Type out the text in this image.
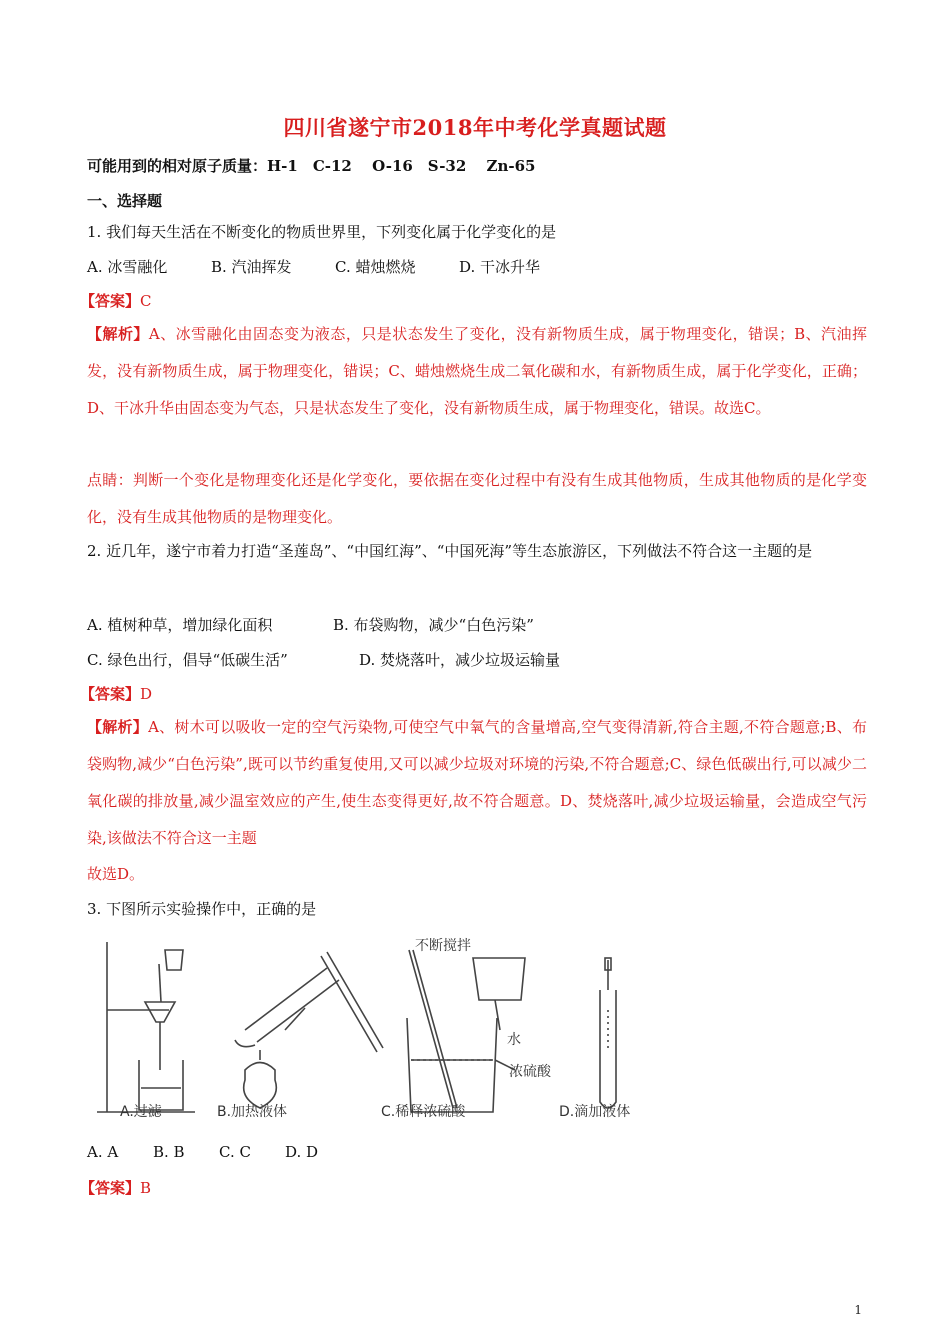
四川省遂宁市2018年中考化学真题试题
可能用到的相对原子质量：H-1　C-12　 O-16　S-32　 Zn-65
一、选择题
1. 我们每天生活在不断变化的物质世界里，下列变化属于化学变化的是
A. 冰雪融化	B. 汽油挥发	C. 蜡烛燃烧	D. 干冰升华
【答案】C
【解析】A、冰雪融化由固态变为液态，只是状态发生了变化，没有新物质生成，属于物理变化，错误；B、汽油挥发，没有新物质生成，属于物理变化，错误；C、蜡烛燃烧生成二氧化碳和水，有新物质生成，属于化学变化，正确；D、干冰升华由固态变为气态，只是状态发生了变化，没有新物质生成，属于物理变化，错误。故选C。
点睛：判断一个变化是物理变化还是化学变化，要依据在变化过程中有没有生成其他物质，生成其他物质的是化学变化，没有生成其他物质的是物理变化。
2. 近几年，遂宁市着力打造“圣莲岛”、“中国红海”、“中国死海”等生态旅游区，下列做法不符合这一主题的是
A. 植树种草，增加绿化面积	B. 布袋购物，减少“白色污染”
C. 绿色出行，倡导“低碳生活”	D. 焚烧落叶，减少垃圾运输量
【答案】D
【解析】A、树木可以吸收一定的空气污染物,可使空气中氧气的含量增高,空气变得清新,符合主题,不符合题意;B、布袋购物,减少“白色污染”,既可以节约重复使用,又可以减少垃圾对环境的污染,不符合题意;C、绿色低碳出行,可以减少二氧化碳的排放量,减少温室效应的产生,使生态变得更好,故不符合题意。D、焚烧落叶,减少垃圾运输量，会造成空气污染,该做法不符合这一主题
故选D。
3. 下图所示实验操作中，正确的是
不断搅拌
水
浓硫酸
A.过滤	B.加热液体	C.稀释浓硫酸	D.滴加液体
A. A B. B C. C D. D
【答案】B
1
